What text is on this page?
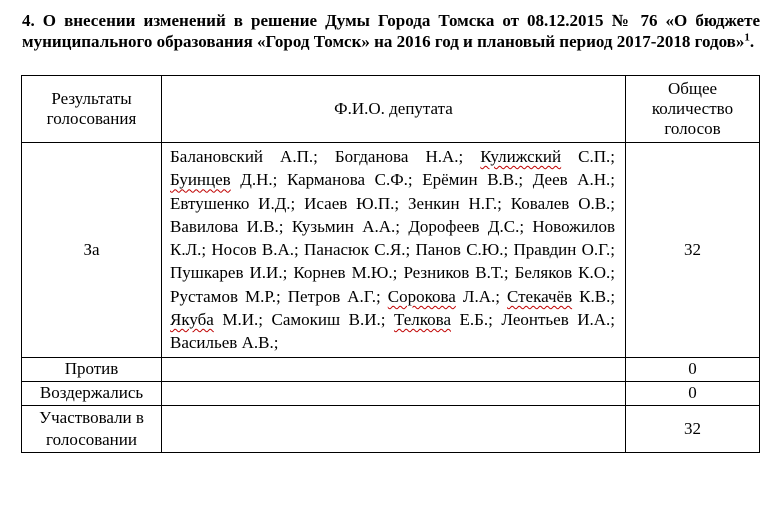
4. О внесении изменений в решение Думы Города Томска от 08.12.2015 № 76 «О бюджете муниципального образования «Город Томск» на 2016 год и плановый период 2017-2018 годов»$^1$.
Результаты голосования	Ф.И.О. депутата	Общее количество голосов
За	Балановский А.П.; Богданова Н.А.; Кулижский С.П.; Буинцев Д.Н.; Карманова С.Ф.; Ерёмин В.В.; Деев А.Н.; Евтушенко И.Д.; Исаев Ю.П.; Зенкин Н.Г.; Ковалев О.В.; Вавилова И.В.; Кузьмин А.А.; Дорофеев Д.С.; Новожилов К.Л.; Носов В.А.; Панасюк С.Я.; Панов С.Ю.; Правдин О.Г.; Пушкарев И.И.; Корнев М.Ю.; Резников В.Т.; Беляков К.О.; Рустамов М.Р.; Петров А.Г.; Сорокова Л.А.; Стекачёв К.В.; Якуба М.И.; Самокиш В.И.; Телкова Е.Б.; Леонтьев И.А.; Васильев А.В.;	32
Против		0
Воздержались		0
Участвовали в голосовании		32
